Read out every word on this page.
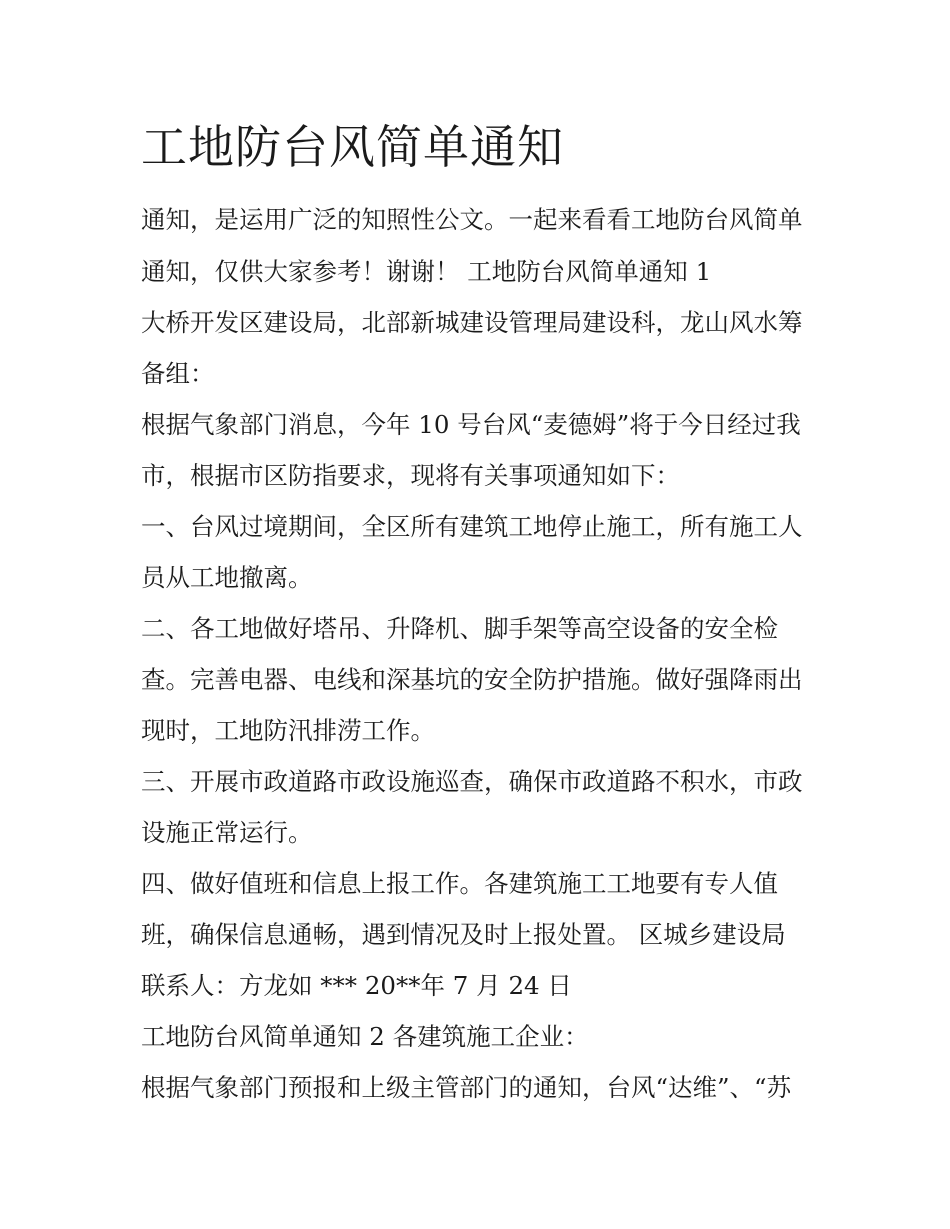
工地防台风简单通知

通知，是运用广泛的知照性公文。一起来看看工地防台风简单

通知，仅供大家参考！谢谢！ 工地防台风简单通知 1

大桥开发区建设局，北部新城建设管理局建设科，龙山风水筹

备组：

根据气象部门消息，今年 10 号台风“麦德姆”将于今日经过我

市，根据市区防指要求，现将有关事项通知如下：

一、台风过境期间，全区所有建筑工地停止施工，所有施工人

员从工地撤离。

二、各工地做好塔吊、升降机、脚手架等高空设备的安全检

查。完善电器、电线和深基坑的安全防护措施。做好强降雨出

现时，工地防汛排涝工作。

三、开展市政道路市政设施巡查，确保市政道路不积水，市政

设施正常运行。

四、做好值班和信息上报工作。各建筑施工工地要有专人值

班，确保信息通畅，遇到情况及时上报处置。 区城乡建设局

联系人：方龙如 *** 20**年 7 月 24 日

工地防台风简单通知 2 各建筑施工企业：

根据气象部门预报和上级主管部门的通知，台风“达维”、“苏
